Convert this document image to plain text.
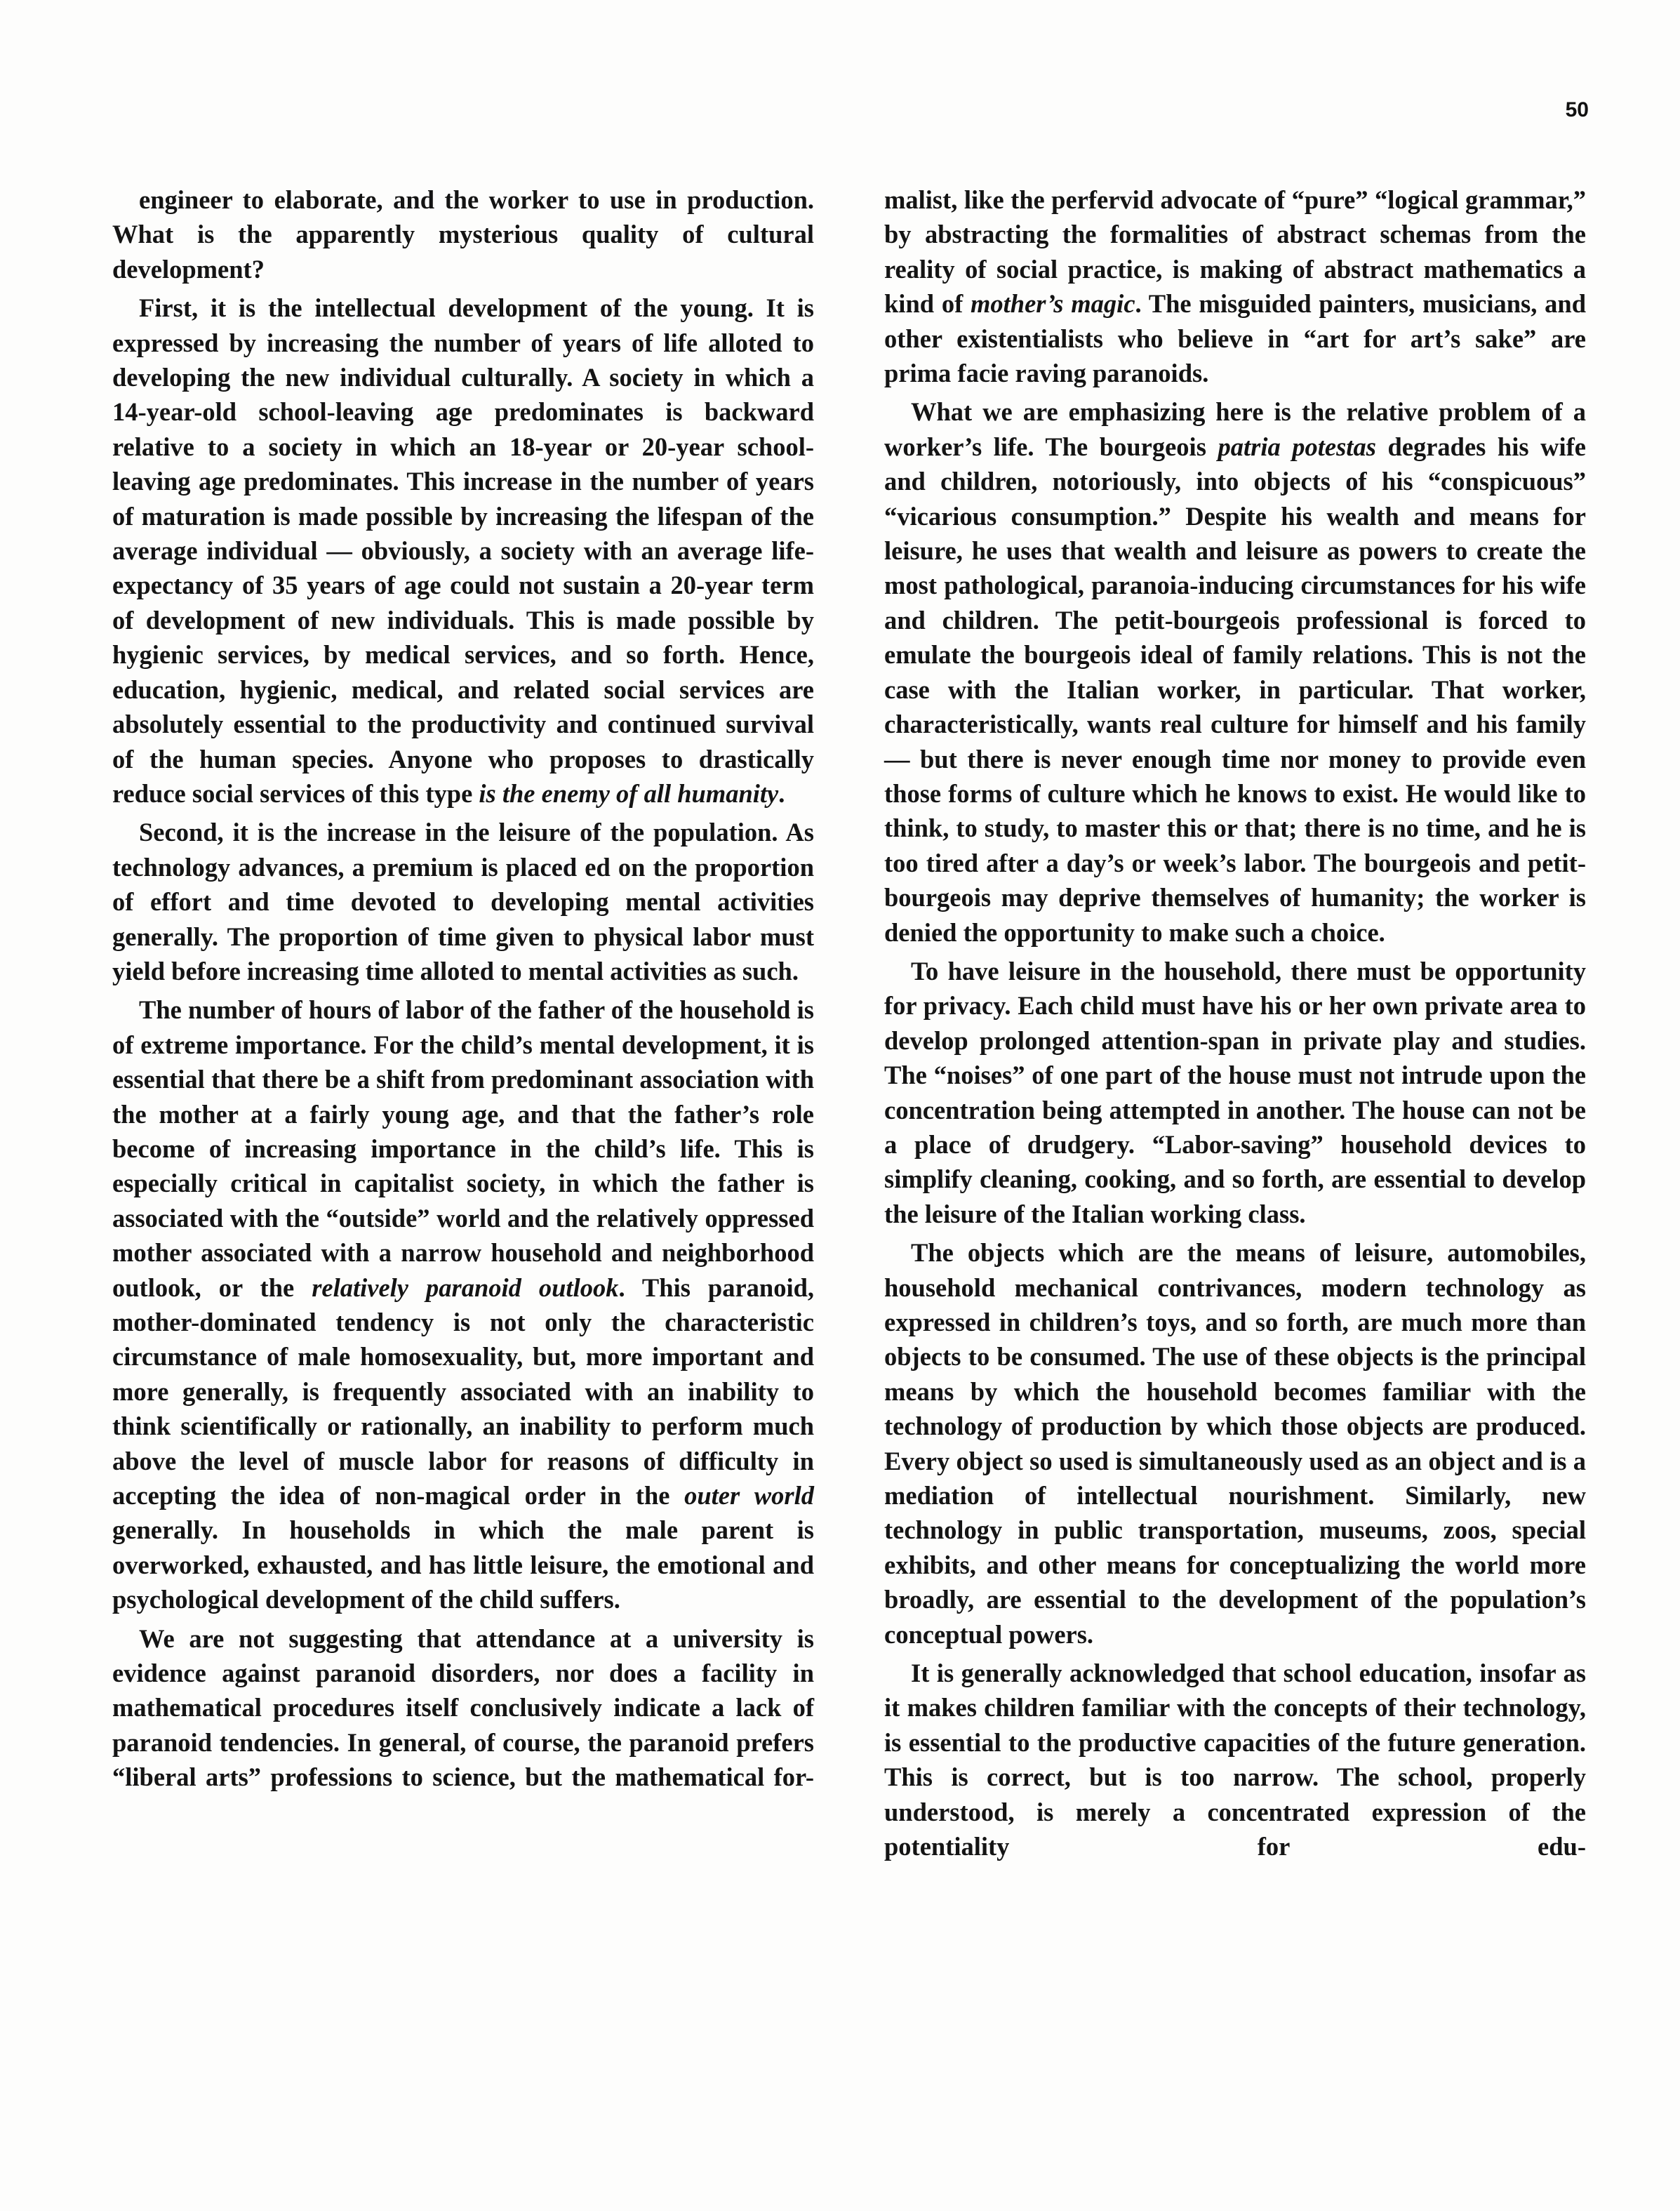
50

engineer to elaborate, and the worker to use in production. What is the apparently mysterious quality of cultural development?

First, it is the intellectual development of the young. It is expressed by increasing the number of years of life alloted to developing the new individual culturally. A society in which a 14-year-old school-leaving age predominates is backward relative to a society in which an 18-year or 20-year school-leaving age predominates. This increase in the number of years of maturation is made possible by increasing the lifespan of the average individual — obviously, a society with an average life-expectancy of 35 years of age could not sustain a 20-year term of development of new individuals. This is made possible by hygienic services, by medical services, and so forth. Hence, education, hygienic, medical, and related social services are absolutely essential to the productivity and continued survival of the human species. Anyone who proposes to drastically reduce social services of this type is the enemy of all humanity.

Second, it is the increase in the leisure of the population. As technology advances, a premium is placed ed on the proportion of effort and time devoted to developing mental activities generally. The proportion of time given to physical labor must yield before increasing time alloted to mental activities as such.

The number of hours of labor of the father of the household is of extreme importance. For the child’s mental development, it is essential that there be a shift from predominant association with the mother at a fairly young age, and that the father’s role become of increasing importance in the child’s life. This is especially critical in capitalist society, in which the father is associated with the “outside” world and the relatively oppressed mother associated with a narrow household and neighborhood outlook, or the relatively paranoid outlook. This paranoid, mother-dominated tendency is not only the characteristic circumstance of male homosexuality, but, more important and more generally, is frequently associated with an inability to think scientifically or rationally, an inability to perform much above the level of muscle labor for reasons of difficulty in accepting the idea of non-magical order in the outer world generally. In households in which the male parent is overworked, exhausted, and has little leisure, the emotional and psychological development of the child suffers.

We are not suggesting that attendance at a university is evidence against paranoid disorders, nor does a facility in mathematical procedures itself conclusively indicate a lack of paranoid tendencies. In general, of course, the paranoid prefers “liberal arts” professions to science, but the mathematical for-

malist, like the perfervid advocate of “pure” “logical grammar,” by abstracting the formalities of abstract schemas from the reality of social practice, is making of abstract mathematics a kind of mother’s magic. The misguided painters, musicians, and other existentialists who believe in “art for art’s sake” are prima facie raving paranoids.

What we are emphasizing here is the relative problem of a worker’s life. The bourgeois patria potestas degrades his wife and children, notoriously, into objects of his “conspicuous” “vicarious consumption.” Despite his wealth and means for leisure, he uses that wealth and leisure as powers to create the most pathological, paranoia-inducing circumstances for his wife and children. The petit-bourgeois professional is forced to emulate the bourgeois ideal of family relations. This is not the case with the Italian worker, in particular. That worker, characteristically, wants real culture for himself and his family — but there is never enough time nor money to provide even those forms of culture which he knows to exist. He would like to think, to study, to master this or that; there is no time, and he is too tired after a day’s or week’s labor. The bourgeois and petit-bourgeois may deprive themselves of humanity; the worker is denied the opportunity to make such a choice.

To have leisure in the household, there must be opportunity for privacy. Each child must have his or her own private area to develop prolonged attention-span in private play and studies. The “noises” of one part of the house must not intrude upon the concentration being attempted in another. The house can not be a place of drudgery. “Labor-saving” household devices to simplify cleaning, cooking, and so forth, are essential to develop the leisure of the Italian working class.

The objects which are the means of leisure, automobiles, household mechanical contrivances, modern technology as expressed in children’s toys, and so forth, are much more than objects to be consumed. The use of these objects is the principal means by which the household becomes familiar with the technology of production by which those objects are produced. Every object so used is simultaneously used as an object and is a mediation of intellectual nourishment. Similarly, new technology in public transportation, museums, zoos, special exhibits, and other means for conceptualizing the world more broadly, are essential to the development of the population’s conceptual powers.

It is generally acknowledged that school education, insofar as it makes children familiar with the concepts of their technology, is essential to the productive capacities of the future generation. This is correct, but is too narrow. The school, properly understood, is merely a concentrated expression of the potentiality for edu-
